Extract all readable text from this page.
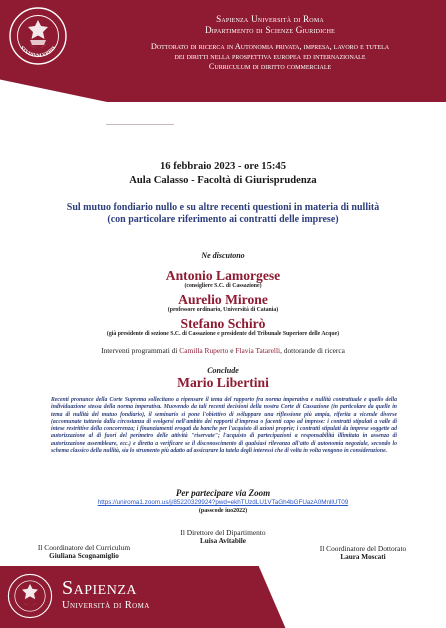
STVDIVM VRBIS
Sapienza Università di Roma
Dipartimento di Scienze Giuridiche
Dottorato di ricerca in Autonomia privata, impresa, lavoro e tutela
dei diritti nella prospettiva europea ed internazionale
Curriculum di diritto commerciale
16 febbraio 2023 - ore 15:45
Aula Calasso - Facoltà di Giurisprudenza
Sul mutuo fondiario nullo e su altre recenti questioni in materia di nullità
(con particolare riferimento ai contratti delle imprese)
Ne discutono
Antonio Lamorgese
(consigliere S.C. di Cassazione)
Aurelio Mirone
(professore ordinario, Università di Catania)
Stefano Schirò
(già presidente di sezione S.C. di Cassazione e presidente del Tribunale Superiore delle Acque)
Interventi programmati di Camilla Ruperto e Flavia Tatarelli, dottorande di ricerca
Conclude
Mario Libertini
Recenti pronunce della Corte Suprema sollecitano a ripensare il tema del rapporto fra norma imperativa e nullità contrattuale e quello della individuazione stessa della norma imperativa. Muovendo da tali recenti decisioni della nostra Corte di Cassazione (in particolare da quelle in tema di nullità del mutuo fondiario), il seminario si pone l'obiettivo di sviluppare una riflessione più ampia, riferita a vicende diverse (accomunate tuttavia dalla circostanza di svolgersi nell'ambito dei rapporti d'impresa o facenti capo ad imprese: i contratti stipulati a valle di intese restrittive della concorrenza; i finanziamenti erogati da banche per l'acquisto di azioni proprie; i contratti stipulati da imprese soggette ad autorizzazione al di fuori del perimetro delle attività "riservate"; l'acquisto di partecipazioni a responsabilità illimitata in assenza di autorizzazione assembleare, ecc.) e diretta a verificare se il disconoscimento di qualsiasi rilevanza all'atto di autonomia negoziale, secondo lo schema classico della nullità, sia lo strumento più adatto ad assicurare la tutela degli interessi che di volta in volta vengono in considerazione.
Per partecipare via Zoom
https://uniroma1.zoom.us/j/85220329924?pwd=ekhTUzdLU1VTaGh4bGFUazA0MnllUT09
(passcode iuo2022)
Il Direttore del Dipartimento
Luisa Avitabile
Il Coordinatore del Curriculum
Giuliana Scognamiglio
Il Coordinatore del Dottorato
Laura Moscati
Sapienza
Università di Roma
